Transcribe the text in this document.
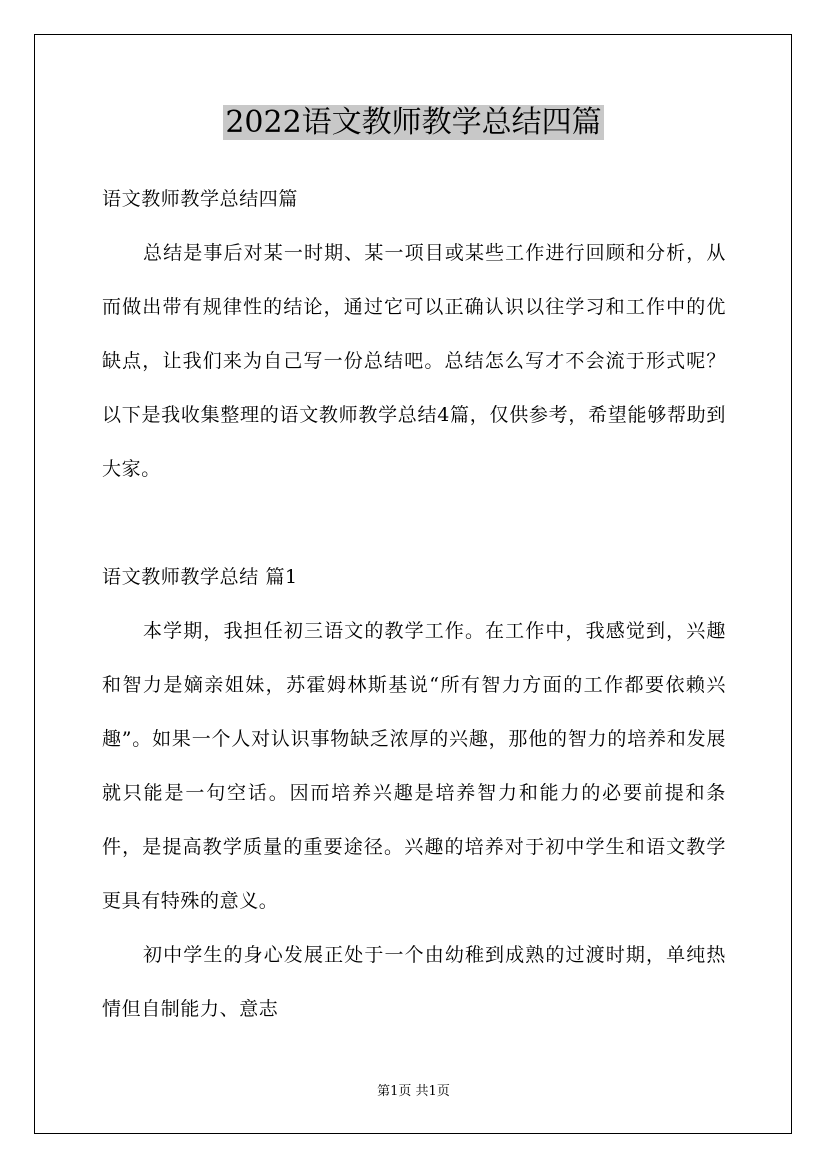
2022语文教师教学总结四篇

语文教师教学总结四篇

总结是事后对某一时期、某一项目或某些工作进行回顾和分析，从而做出带有规律性的结论，通过它可以正确认识以往学习和工作中的优缺点，让我们来为自己写一份总结吧。总结怎么写才不会流于形式呢？以下是我收集整理的语文教师教学总结4篇，仅供参考，希望能够帮助到大家。

语文教师教学总结 篇1

本学期，我担任初三语文的教学工作。在工作中，我感觉到，兴趣和智力是嫡亲姐妹，苏霍姆林斯基说“所有智力方面的工作都要依赖兴趣”。如果一个人对认识事物缺乏浓厚的兴趣，那他的智力的培养和发展就只能是一句空话。因而培养兴趣是培养智力和能力的必要前提和条件，是提高教学质量的重要途径。兴趣的培养对于初中学生和语文教学更具有特殊的意义。

初中学生的身心发展正处于一个由幼稚到成熟的过渡时期，单纯热情但自制能力、意志

第1页 共1页
